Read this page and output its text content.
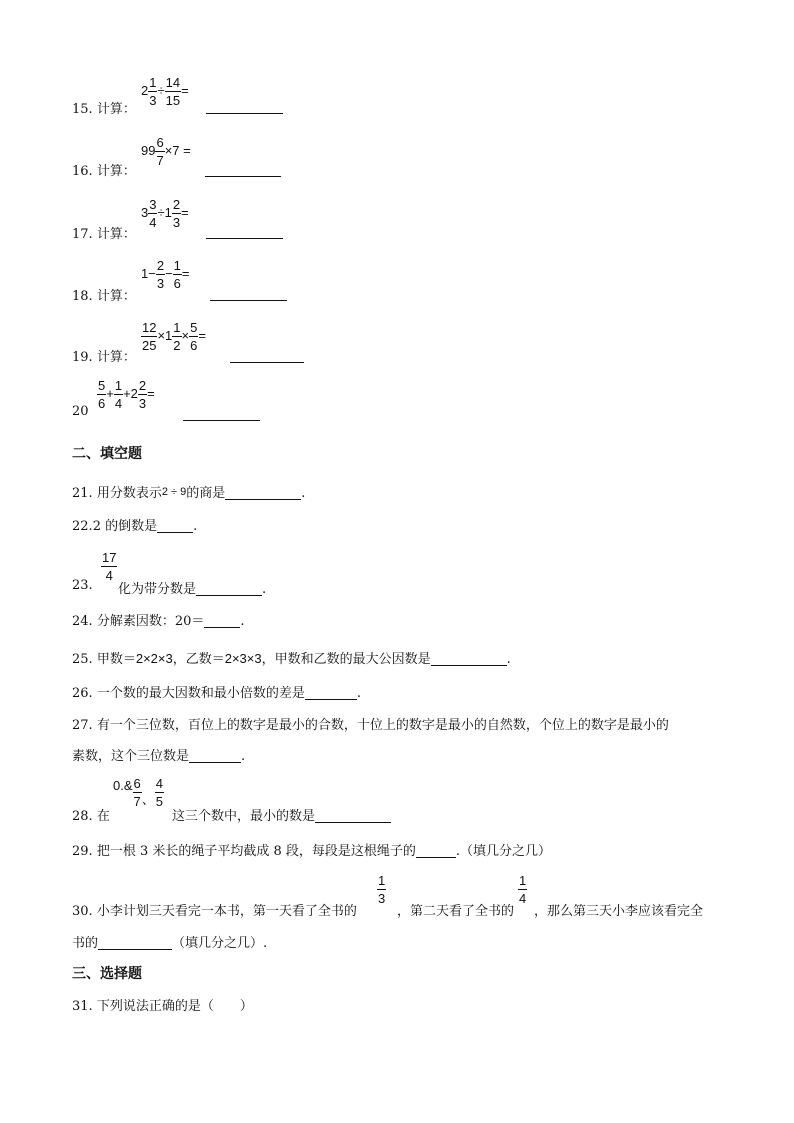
$2 \frac{1}{3} \div \frac{14}{15}$ =
15. 计算：
$99 \frac{6}{7} \times 7$ =
16. 计算：
$3 \frac{3}{4} \div 1 \frac{2}{3}$ =
17. 计算：
$1- \frac{2}{3} - \frac{1}{6}$ =
18. 计算：
$\frac{12}{25} \times 1 \frac{1}{2} \times \frac{5}{6}$ =
19. 计算：
$\frac{5}{6} + \frac{1}{4} +2 \frac{2}{3}$ =
20
二、填空题
21. 用分数表示2 ÷ 9的商是	.
22.2 的倒数是	.
$\frac{17}{4}$
23. 化为带分数是	.
24. 分解素因数：20＝	.
25. 甲数＝2×2×3，乙数＝2×3×3，甲数和乙数的最大公因数是	.
26. 一个数的最大因数和最小倍数的差是	.
27. 有一个三位数，百位上的数字是最小的合数，十位上的数字是最小的自然数，个位上的数字是最小的
素数，这个三位数是	.
0.& $\frac{6}{7}$ 、 $\frac{4}{5}$
28. 在	这三个数中，最小的数是
29. 把一根 3 米长的绳子平均截成 8 段，每段是这根绳子的	.（填几分之几）
$\frac{1}{3}$	$\frac{1}{4}$
30. 小李计划三天看完一本书，第一天看了全书的	，第二天看了全书的 ，那么第三天小李应该看完全
书的	（填几分之几）.
三、选择题
31. 下列说法正确的是（　　）
